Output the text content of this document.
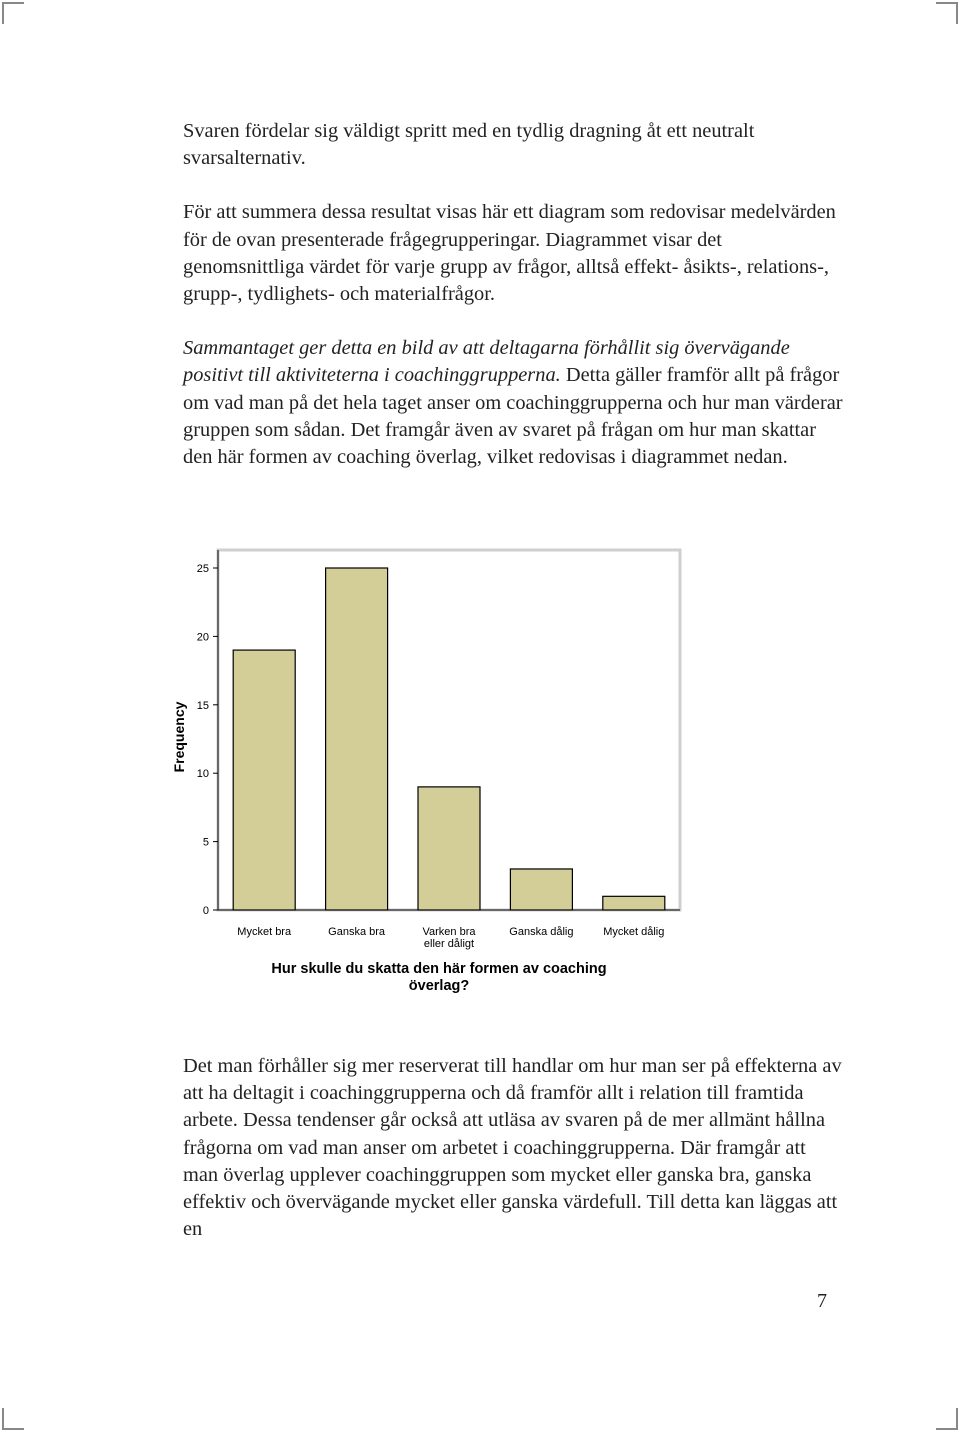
Svaren fördelar sig väldigt spritt med en tydlig dragning åt ett neutralt svarsalternativ.

För att summera dessa resultat visas här ett diagram som redovisar medelvärden för de ovan presenterade frågegrupperingar. Diagrammet visar det genomsnittliga värdet för varje grupp av frågor, alltså effekt- åsikts-, relations-, grupp-, tydlighets- och materialfrågor.

Sammantaget ger detta en bild av att deltagarna förhållit sig övervägande positivt till aktiviteterna i coachinggrupperna. Detta gäller framför allt på frågor om vad man på det hela taget anser om coachinggrupperna och hur man värderar gruppen som sådan. Det framgår även av svaret på frågan om hur man skattar den här formen av coaching överlag, vilket redovisas i diagrammet nedan.

0
5
10
15
20
25
Mycket bra	Ganska bra	Varken bra
eller dåligt
Ganska dålig	Mycket dålig
Frequency
Hur skulle du skatta den här formen av coaching
överlag?

Det man förhåller sig mer reserverat till handlar om hur man ser på effekterna av att ha deltagit i coachinggrupperna och då framför allt i relation till framtida arbete. Dessa tendenser går också att utläsa av svaren på de mer allmänt hållna frågorna om vad man anser om arbetet i coachinggrupperna. Där framgår att man överlag upplever coachinggruppen som mycket eller ganska bra, ganska effektiv och övervägande mycket eller ganska värdefull. Till detta kan läggas att en

7
